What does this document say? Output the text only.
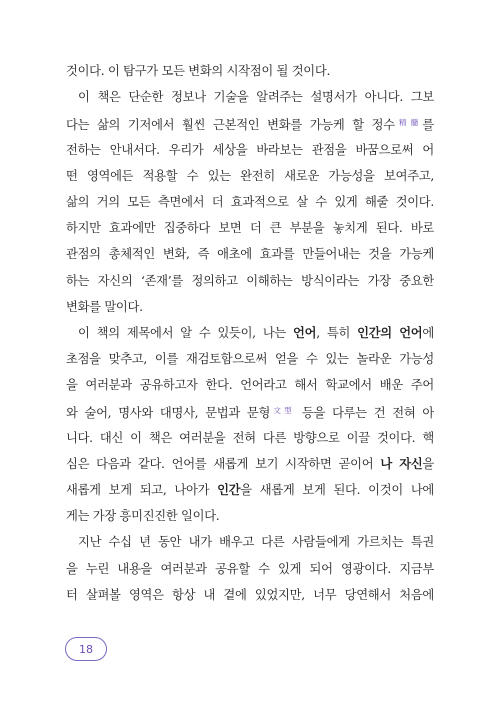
것이다. 이 탐구가 모든 변화의 시작점이 될 것이다.
이 책은 단순한 정보나 기술을 알려주는 설명서가 아니다. 그보
다는 삶의 기저에서 훨씬 근본적인 변화를 가능케 할 정수$^{精髓}$를
전하는 안내서다. 우리가 세상을 바라보는 관점을 바꿈으로써 어
떤 영역에든 적용할 수 있는 완전히 새로운 가능성을 보여주고,
삶의 거의 모든 측면에서 더 효과적으로 살 수 있게 해줄 것이다.
하지만 효과에만 집중하다 보면 더 큰 부분을 놓치게 된다. 바로
관점의 총체적인 변화, 즉 애초에 효과를 만들어내는 것을 가능케
하는 자신의 ‘존재’를 정의하고 이해하는 방식이라는 가장 중요한
변화를 말이다.
이 책의 제목에서 알 수 있듯이, 나는 언어, 특히 인간의 언어에
초점을 맞추고, 이를 재검토함으로써 얻을 수 있는 놀라운 가능성
을 여러분과 공유하고자 한다. 언어라고 해서 학교에서 배운 주어
와 술어, 명사와 대명사, 문법과 문형$^{文型}$ 등을 다루는 건 전혀 아
니다. 대신 이 책은 여러분을 전혀 다른 방향으로 이끌 것이다. 핵
심은 다음과 같다. 언어를 새롭게 보기 시작하면 곧이어 나 자신을
새롭게 보게 되고, 나아가 인간을 새롭게 보게 된다. 이것이 나에
게는 가장 흥미진진한 일이다.
지난 수십 년 동안 내가 배우고 다른 사람들에게 가르치는 특권
을 누린 내용을 여러분과 공유할 수 있게 되어 영광이다. 지금부
터 살펴볼 영역은 항상 내 곁에 있었지만, 너무 당연해서 처음에
18
